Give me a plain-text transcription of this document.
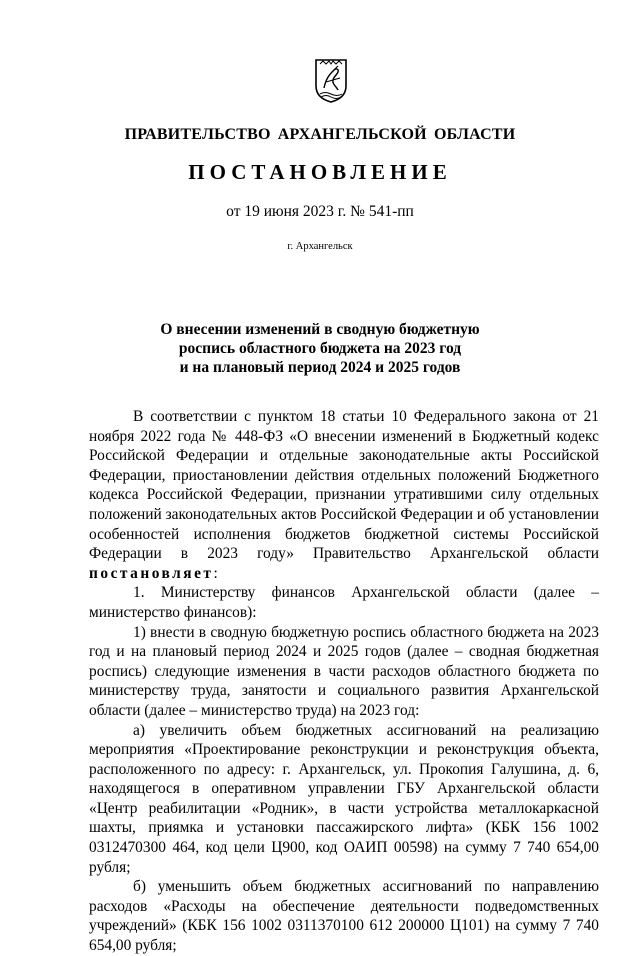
ПРАВИТЕЛЬСТВО АРХАНГЕЛЬСКОЙ ОБЛАСТИ
ПОСТАНОВЛЕНИЕ
от 19 июня 2023 г. № 541-пп
г. Архангельск
О внесении изменений в сводную бюджетную
роспись областного бюджета на 2023 год
и на плановый период 2024 и 2025 годов

В соответствии с пунктом 18 статьи 10 Федерального закона от 21 ноября 2022 года № 448-ФЗ «О внесении изменений в Бюджетный кодекс Российской Федерации и отдельные законодательные акты Российской Федерации, приостановлении действия отдельных положений Бюджетного кодекса Российской Федерации, признании утратившими силу отдельных положений законодательных актов Российской Федерации и об установлении особенностей исполнения бюджетов бюджетной системы Российской Федерации в 2023 году» Правительство Архангельской области постановляет:

1. Министерству финансов Архангельской области (далее – министерство финансов):

1) внести в сводную бюджетную роспись областного бюджета на 2023 год и на плановый период 2024 и 2025 годов (далее – сводная бюджетная роспись) следующие изменения в части расходов областного бюджета по министерству труда, занятости и социального развития Архангельской области (далее – министерство труда) на 2023 год:

а) увеличить объем бюджетных ассигнований на реализацию мероприятия «Проектирование реконструкции и реконструкция объекта, расположенного по адресу: г. Архангельск, ул. Прокопия Галушина, д. 6, находящегося в оперативном управлении ГБУ Архангельской области «Центр реабилитации «Родник», в части устройства металлокаркасной шахты, приямка и установки пассажирского лифта» (КБК 156 1002 0312470300 464, код цели Ц900, код ОАИП 00598) на сумму 7 740 654,00 рубля;

б) уменьшить объем бюджетных ассигнований по направлению расходов «Расходы на обеспечение деятельности подведомственных учреждений» (КБК 156 1002 0311370100 612 200000 Ц101) на сумму 7 740 654,00 рубля;
